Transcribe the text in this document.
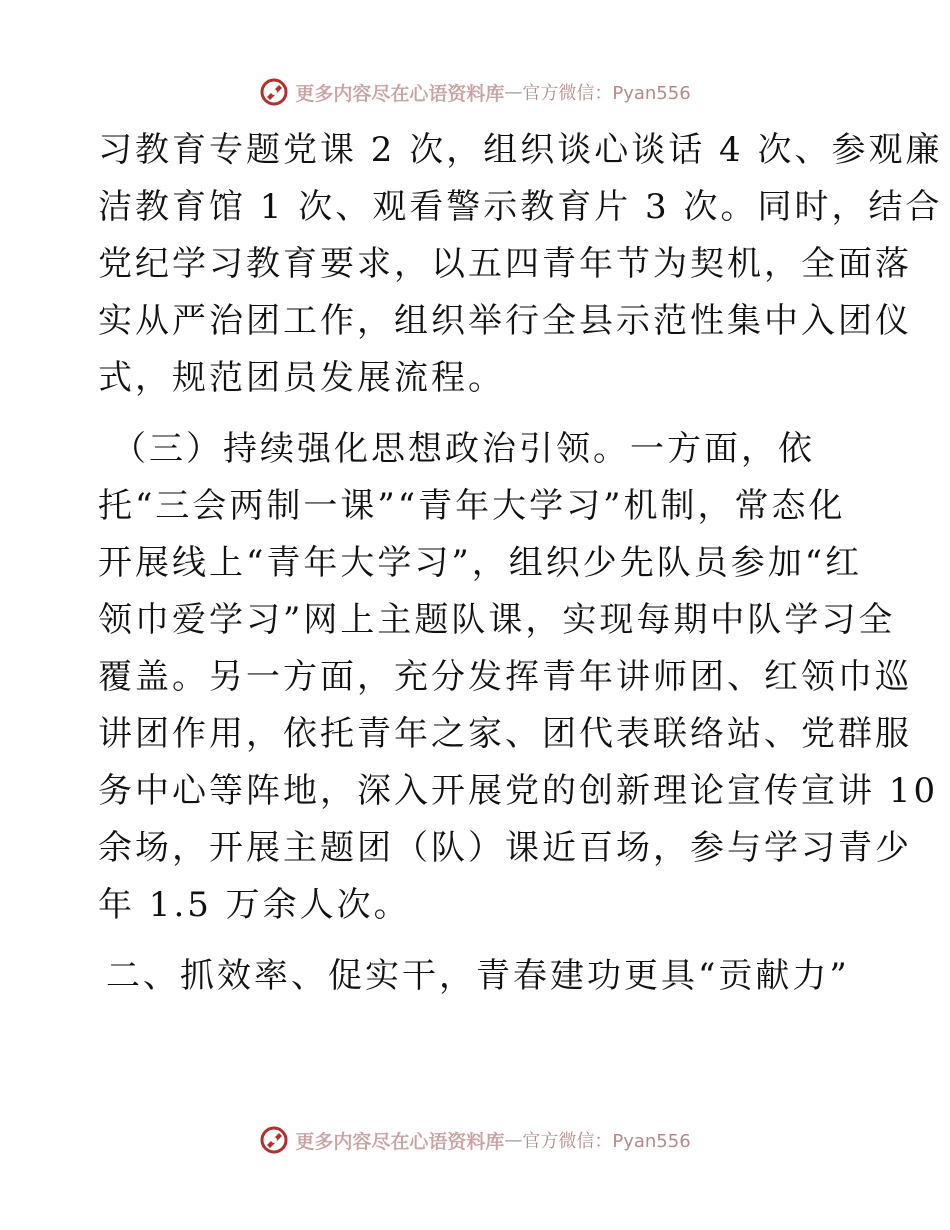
更多内容尽在心语资料库 — 官方微信：Pyan556
习教育专题党课 2 次，组织谈心谈话 4 次、参观廉
洁教育馆 1 次、观看警示教育片 3 次。同时，结合
党纪学习教育要求，以五四青年节为契机，全面落
实从严治团工作，组织举行全县示范性集中入团仪
式，规范团员发展流程。
（三）持续强化思想政治引领。一方面，依
托“三会两制一课”“青年大学习”机制，常态化
开展线上“青年大学习”，组织少先队员参加“红
领巾爱学习”网上主题队课，实现每期中队学习全
覆盖。另一方面，充分发挥青年讲师团、红领巾巡
讲团作用，依托青年之家、团代表联络站、党群服
务中心等阵地，深入开展党的创新理论宣传宣讲 10
余场，开展主题团（队）课近百场，参与学习青少
年 1.5 万余人次。
二、抓效率、促实干，青春建功更具“贡献力”
更多内容尽在心语资料库 — 官方微信：Pyan556
